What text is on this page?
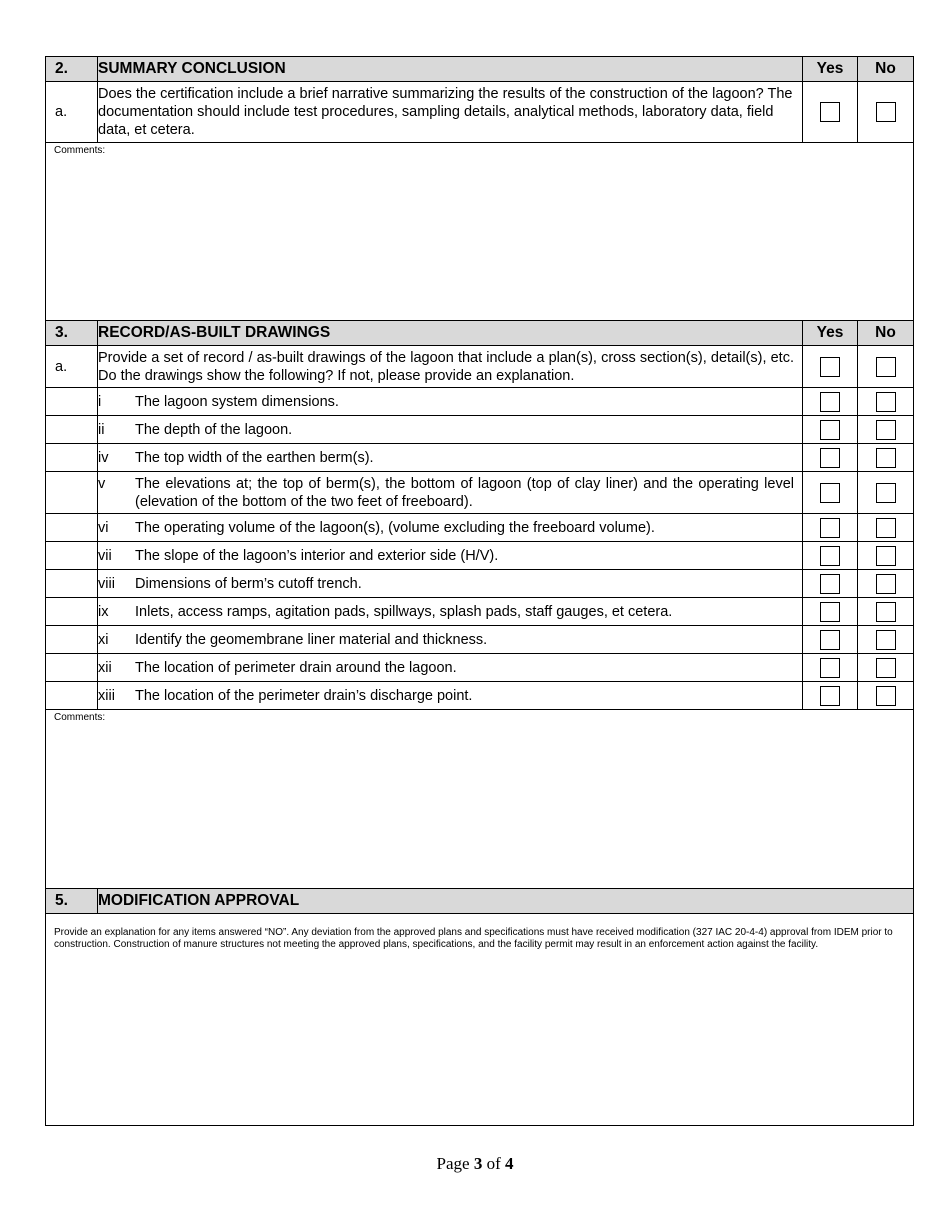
2.	SUMMARY CONCLUSION	Yes	No
a.	Does the certification include a brief narrative summarizing the results of the construction of the lagoon? The documentation should include test procedures, sampling details, analytical methods, laboratory data, field data, et cetera.		
Comments:			
3.	RECORD/AS-BUILT DRAWINGS	Yes	No
a.	Provide a set of record / as-built drawings of the lagoon that include a plan(s), cross section(s), detail(s), etc. Do the drawings show the following? If not, please provide an explanation.		

	i The lagoon system dimensions.		

	ii The depth of the lagoon.		

	iv The top width of the earthen berm(s).		

	v The elevations at; the top of berm(s), the bottom of lagoon (top of clay liner) and the operating level (elevation of the bottom of the two feet of freeboard).		

	vi The operating volume of the lagoon(s), (volume excluding the freeboard volume).		

	vii The slope of the lagoon’s interior and exterior side (H/V).		

	viii Dimensions of berm’s cutoff trench.		

	ix Inlets, access ramps, agitation pads, spillways, splash pads, staff gauges, et cetera.		

	xi Identify the geomembrane liner material and thickness.		

	xii The location of perimeter drain around the lagoon.		

	xiii The location of the perimeter drain’s discharge point.		

Comments:			
5.	MODIFICATION APPROVAL		
Provide an explanation for any items answered “NO”. Any deviation from the approved plans and specifications must have received modification (327 IAC 20-4-4) approval from IDEM prior to construction. Construction of manure structures not meeting the approved plans, specifications, and the facility permit may result in an enforcement action against the facility.			
Page 3 of 4
